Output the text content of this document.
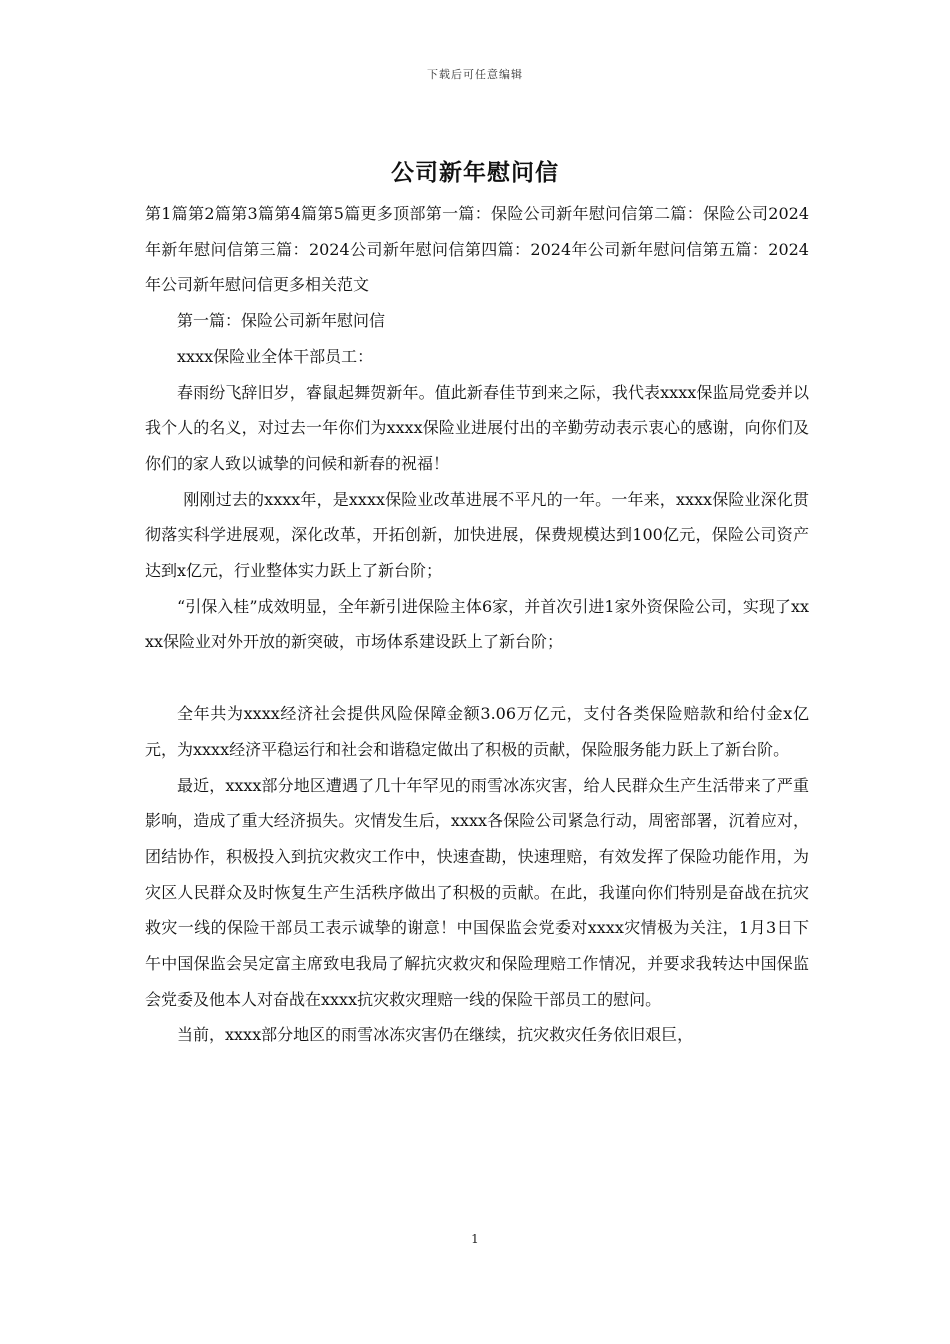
下载后可任意编辑
公司新年慰问信

第1篇第2篇第3篇第4篇第5篇更多顶部第一篇：保险公司新年慰问信第二篇：保险公司2024年新年慰问信第三篇：2024公司新年慰问信第四篇：2024年公司新年慰问信第五篇：2024年公司新年慰问信更多相关范文

第一篇：保险公司新年慰问信

xxxx保险业全体干部员工：

春雨纷飞辞旧岁，睿鼠起舞贺新年。值此新春佳节到来之际，我代表xxxx保监局党委并以我个人的名义，对过去一年你们为xxxx保险业进展付出的辛勤劳动表示衷心的感谢，向你们及你们的家人致以诚挚的问候和新春的祝福！

刚刚过去的xxxx年，是xxxx保险业改革进展不平凡的一年。一年来，xxxx保险业深化贯彻落实科学进展观，深化改革，开拓创新，加快进展，保费规模达到100亿元，保险公司资产达到x亿元，行业整体实力跃上了新台阶；

“引保入桂”成效明显，全年新引进保险主体6家，并首次引进1家外资保险公司，实现了xxxx保险业对外开放的新突破，市场体系建设跃上了新台阶；

全年共为xxxx经济社会提供风险保障金额3.06万亿元，支付各类保险赔款和给付金x亿元，为xxxx经济平稳运行和社会和谐稳定做出了积极的贡献，保险服务能力跃上了新台阶。

最近，xxxx部分地区遭遇了几十年罕见的雨雪冰冻灾害，给人民群众生产生活带来了严重影响，造成了重大经济损失。灾情发生后，xxxx各保险公司紧急行动，周密部署，沉着应对，团结协作，积极投入到抗灾救灾工作中，快速查勘，快速理赔，有效发挥了保险功能作用，为灾区人民群众及时恢复生产生活秩序做出了积极的贡献。在此，我谨向你们特别是奋战在抗灾救灾一线的保险干部员工表示诚挚的谢意！中国保监会党委对xxxx灾情极为关注，1月3日下午中国保监会吴定富主席致电我局了解抗灾救灾和保险理赔工作情况，并要求我转达中国保监会党委及他本人对奋战在xxxx抗灾救灾理赔一线的保险干部员工的慰问。

当前，xxxx部分地区的雨雪冰冻灾害仍在继续，抗灾救灾任务依旧艰巨，

1
